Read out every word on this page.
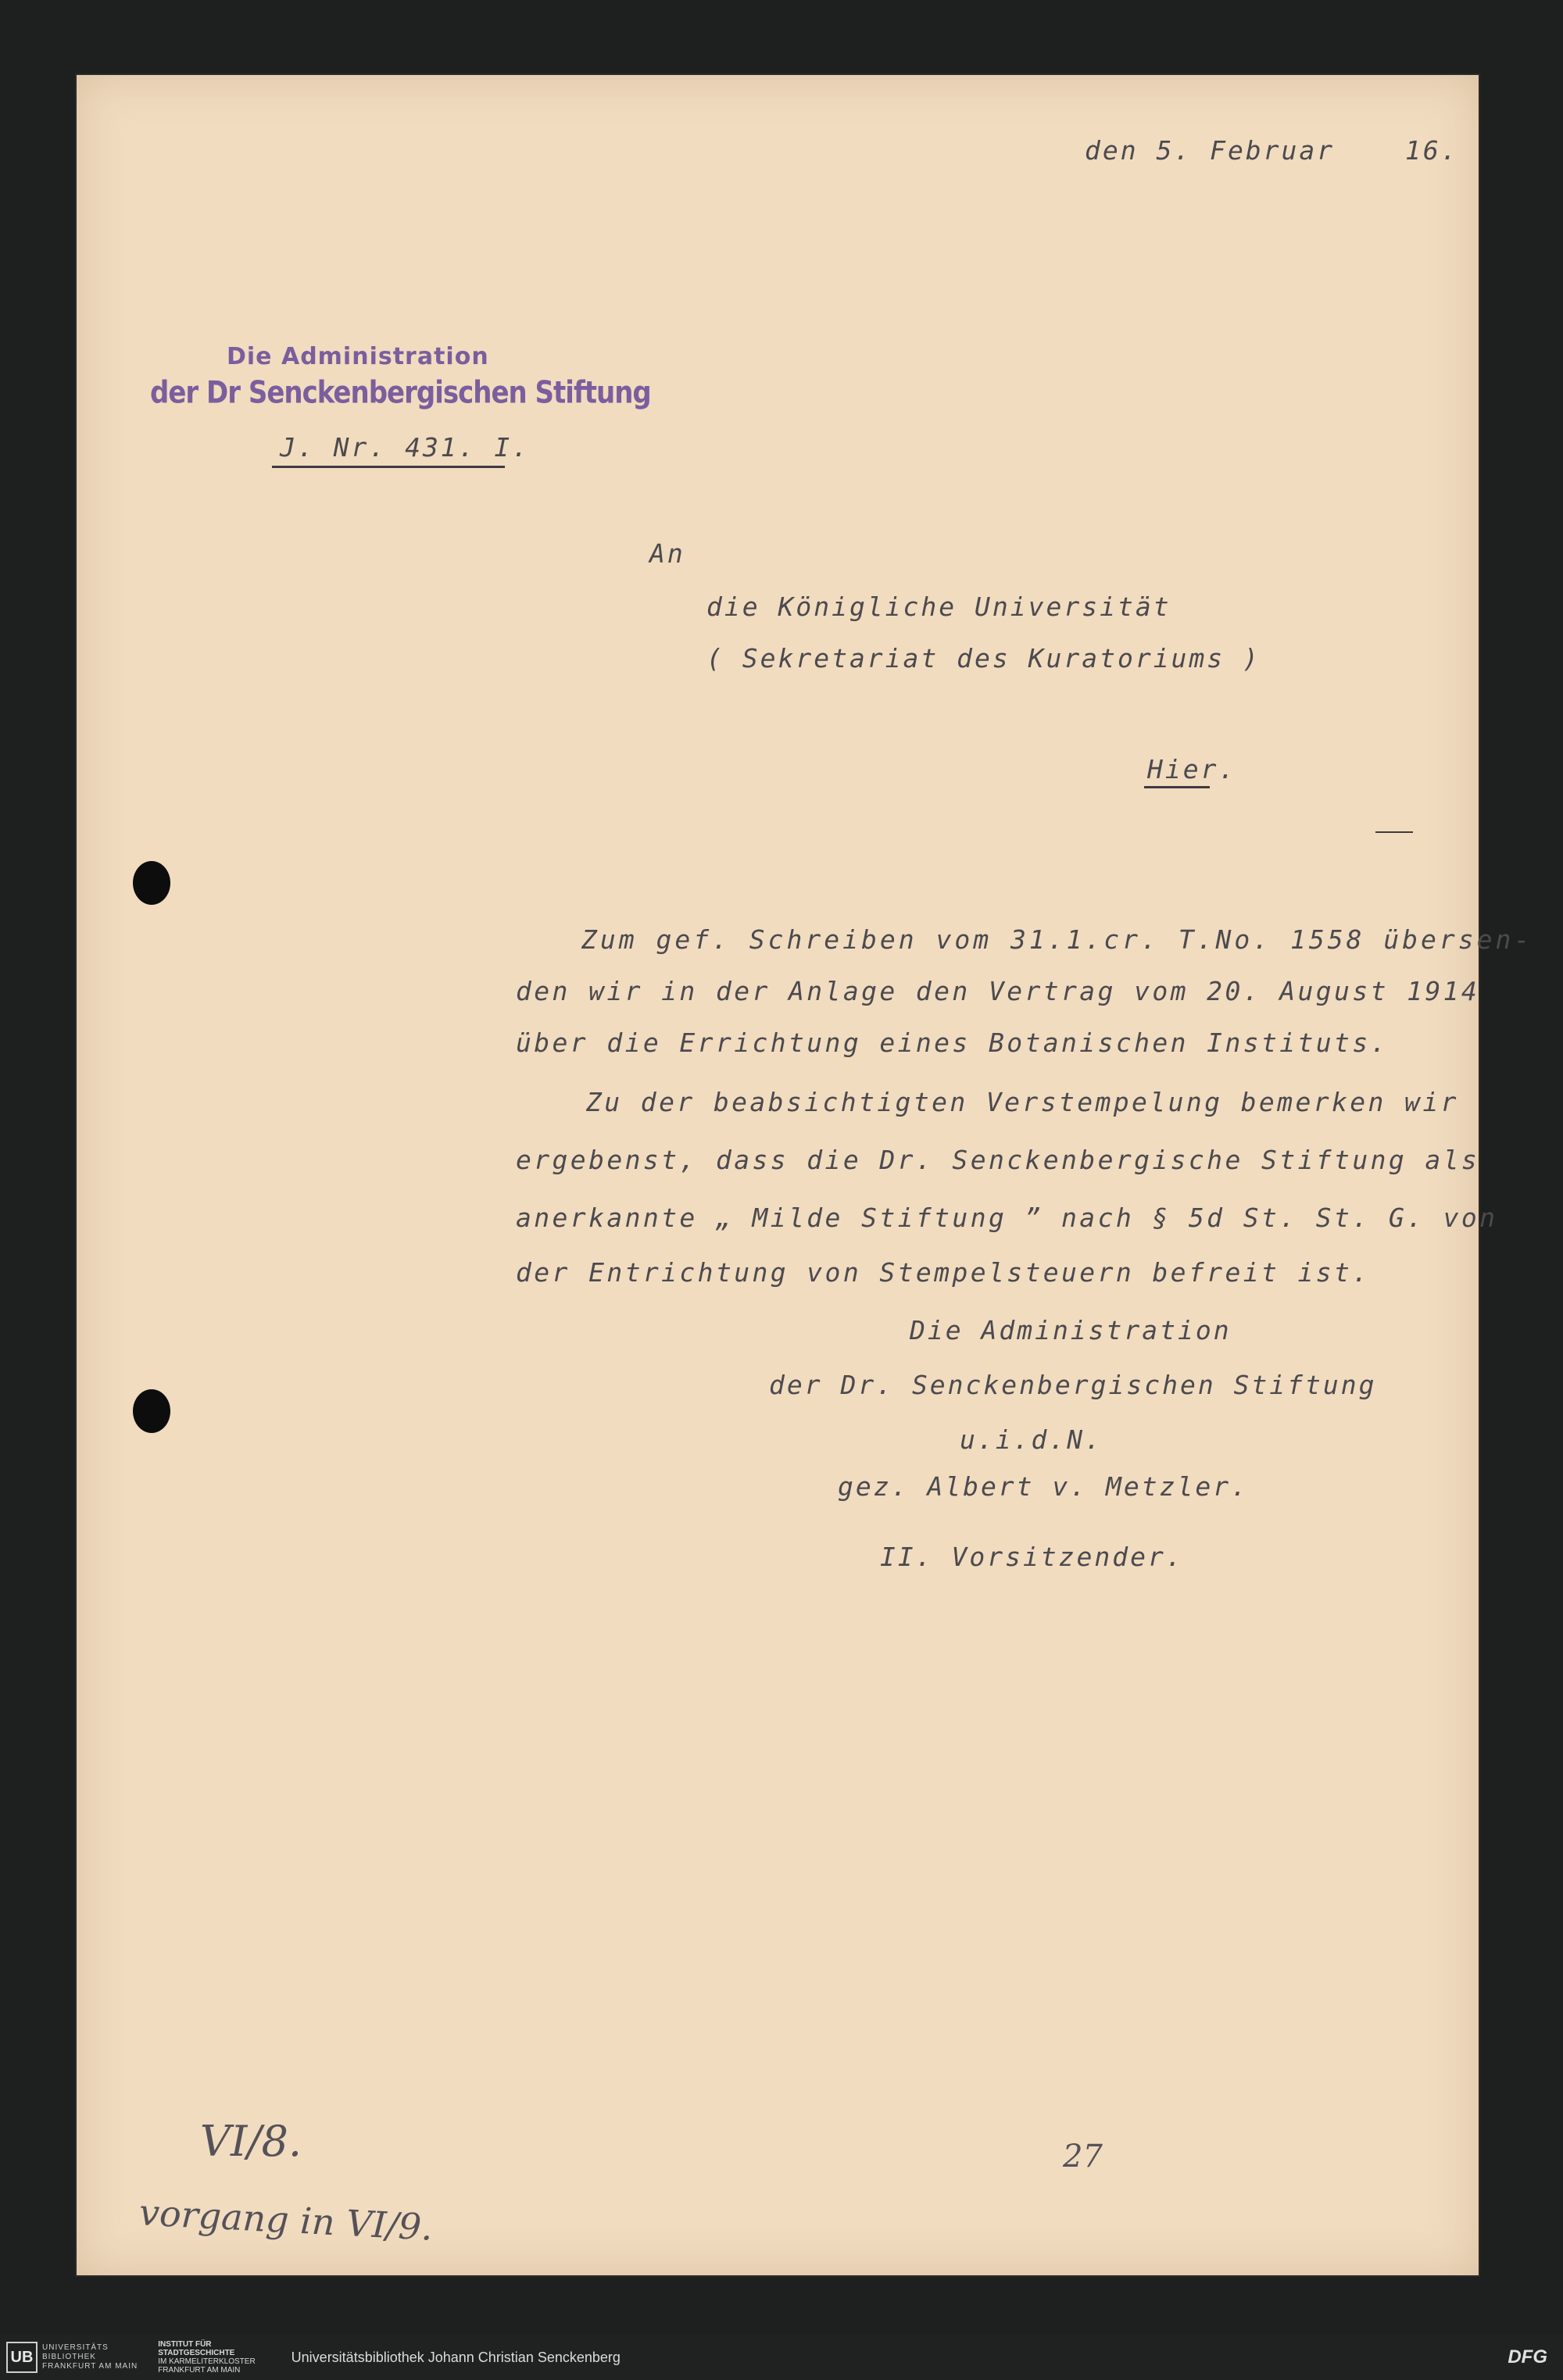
den 5. Februar	16.
Die Administration
der Dr Senckenbergischen Stiftung
J. Nr. 431. I.
An
die Königliche Universität
( Sekretariat des Kuratoriums )
Hier.
Zum gef. Schreiben vom 31.1.cr. T.No. 1558 übersen-
den wir in der Anlage den Vertrag vom 20. August 1914
über die Errichtung eines Botanischen Instituts.
Zu der beabsichtigten Verstempelung bemerken wir
ergebenst, dass die Dr. Senckenbergische Stiftung als
anerkannte „ Milde Stiftung ” nach § 5d St. St. G. von
der Entrichtung von Stempelsteuern befreit ist.
Die Administration
der Dr. Senckenbergischen Stiftung
u.i.d.N.
gez. Albert v. Metzler.
II. Vorsitzender.
VI/8.
vorgang in VI/9.
27
UB
UNIVERSITÄTS
BIBLIOTHEK
FRANKFURT AM MAIN
INSTITUT FÜR
STADTGESCHICHTE
IM KARMELITERKLOSTER
FRANKFURT AM MAIN
Universitätsbibliothek Johann Christian Senckenberg	DFG
